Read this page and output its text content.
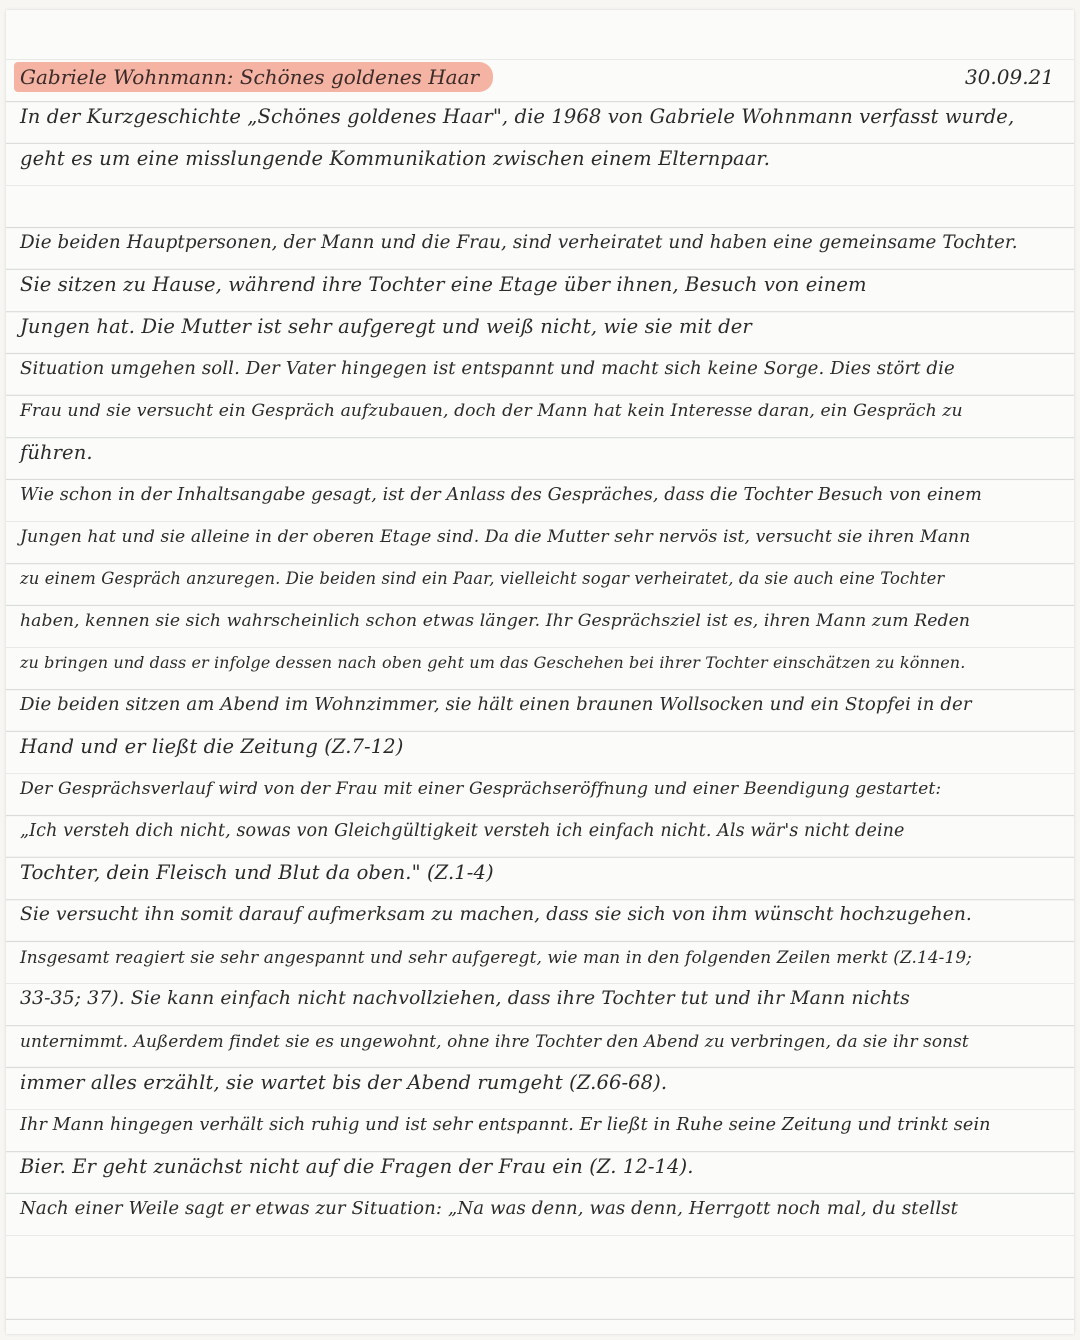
Gabriele Wohnmann: Schönes goldenes Haar	30.09.21
In der Kurzgeschichte „Schönes goldenes Haar", die 1968 von Gabriele Wohnmann verfasst wurde,
geht es um eine misslungende Kommunikation zwischen einem Elternpaar.
Die beiden Hauptpersonen, der Mann und die Frau, sind verheiratet und haben eine gemeinsame Tochter.
Sie sitzen zu Hause, während ihre Tochter eine Etage über ihnen, Besuch von einem
Jungen hat. Die Mutter ist sehr aufgeregt und weiß nicht, wie sie mit der
Situation umgehen soll. Der Vater hingegen ist entspannt und macht sich keine Sorge. Dies stört die
Frau und sie versucht ein Gespräch aufzubauen, doch der Mann hat kein Interesse daran, ein Gespräch zu
führen.
Wie schon in der Inhaltsangabe gesagt, ist der Anlass des Gespräches, dass die Tochter Besuch von einem
Jungen hat und sie alleine in der oberen Etage sind. Da die Mutter sehr nervös ist, versucht sie ihren Mann
zu einem Gespräch anzuregen. Die beiden sind ein Paar, vielleicht sogar verheiratet, da sie auch eine Tochter
haben, kennen sie sich wahrscheinlich schon etwas länger. Ihr Gesprächsziel ist es, ihren Mann zum Reden
zu bringen und dass er infolge dessen nach oben geht um das Geschehen bei ihrer Tochter einschätzen zu können.
Die beiden sitzen am Abend im Wohnzimmer, sie hält einen braunen Wollsocken und ein Stopfei in der
Hand und er ließt die Zeitung (Z.7-12)
Der Gesprächsverlauf wird von der Frau mit einer Gesprächseröffnung und einer Beendigung gestartet:
„Ich versteh dich nicht, sowas von Gleichgültigkeit versteh ich einfach nicht. Als wär's nicht deine
Tochter, dein Fleisch und Blut da oben." (Z.1-4)
Sie versucht ihn somit darauf aufmerksam zu machen, dass sie sich von ihm wünscht hochzugehen.
Insgesamt reagiert sie sehr angespannt und sehr aufgeregt, wie man in den folgenden Zeilen merkt (Z.14-19;
33-35; 37). Sie kann einfach nicht nachvollziehen, dass ihre Tochter tut und ihr Mann nichts
unternimmt. Außerdem findet sie es ungewohnt, ohne ihre Tochter den Abend zu verbringen, da sie ihr sonst
immer alles erzählt, sie wartet bis der Abend rumgeht (Z.66-68).
Ihr Mann hingegen verhält sich ruhig und ist sehr entspannt. Er ließt in Ruhe seine Zeitung und trinkt sein
Bier. Er geht zunächst nicht auf die Fragen der Frau ein (Z. 12-14).
Nach einer Weile sagt er etwas zur Situation: „Na was denn, was denn, Herrgott noch mal, du stellst
